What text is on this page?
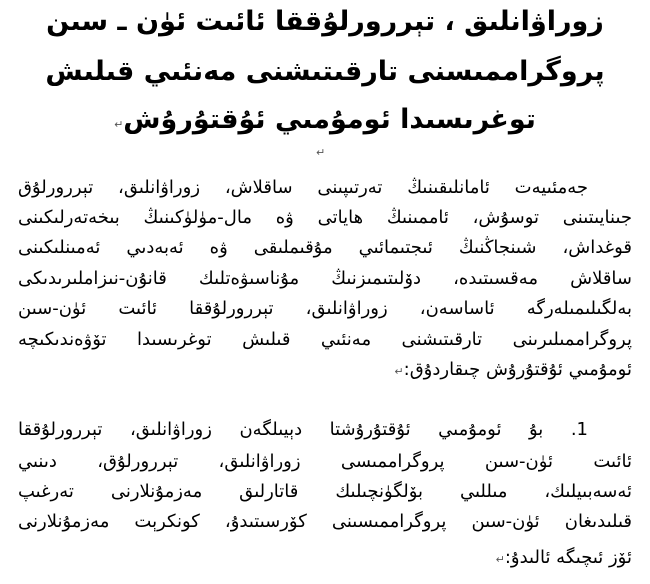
زوراۋانلىق ، تېررورلۇققا ئائىت ئۈن ـ سىن
پروگراممىسنى تارقىتىشنى مەنئىي قىلىش
توغرىسىدا ئومۇمىي ئۇقتۇرۇش↵
↵
جەمئىيەت ئامانلىقىنىڭ تەرتىپىنى ساقلاش، زوراۋانلىق، تېررورلۇق
جىنايىتىنى توسۇش، ئاممىنىڭ ھاياتى ۋە مال-مۈلۈكىنىڭ بىخەتەرلىكىنى
قوغداش، شىنجاڭنىڭ ئىجتىمائىي مۇقىملىقى ۋە ئەبەدىي ئەمىنلىكىنى
ساقلاش مەقسىتىدە، دۆلىتىمىزنىڭ مۇناسىۋەتلىك قانۇن-نىزاملىرىدىكى
بەلگىلىمىلەرگە ئاساسەن، زوراۋانلىق، تېررورلۇققا ئائىت ئۈن-سىن
پروگراممىلىرىنى تارقىتىشنى مەنئىي قىلىش توغرىسىدا تۆۋەندىكىچە
ئومۇمىي ئۇقتۇرۇش چىقاردۇق:↵
1. بۇ ئومۇمىي ئۇقتۇرۇشتا دېيىلگەن زوراۋانلىق، تېررورلۇققا
ئائىت ئۈن-سىن پروگراممىسى زوراۋانلىق، تېررورلۇق، دىنىي
ئەسەبىيلىك، مىللىي بۆلگۈنچىلىك قاتارلىق مەزمۇنلارنى تەرغىپ
قىلىدىغان ئۈن-سىن پروگراممىسىنى كۆرسىتىدۇ، كونكرېت مەزمۇنلارنى
ئۆز ئىچىگە ئالىدۇ:↵
